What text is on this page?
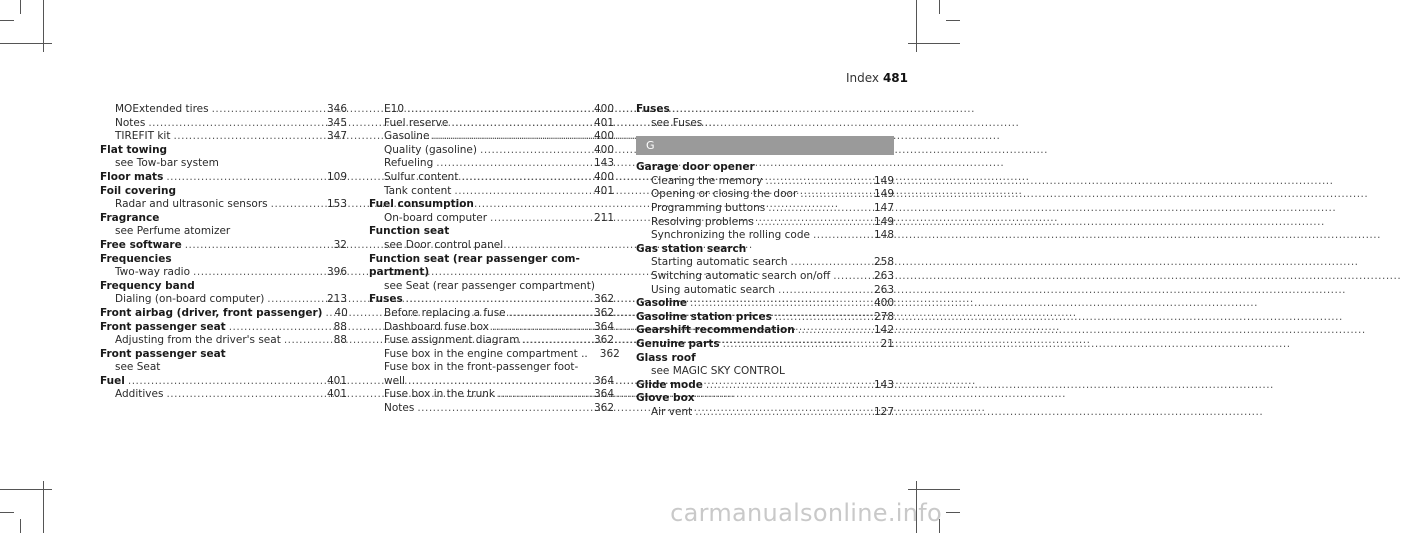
Index 481
MOExtended tires .....	346
Notes .....	345
TIREFIT kit .....	347
Flat towing
see Tow-bar system
Floor mats .....	109
Foil covering
Radar and ultrasonic sensors .....	153
Fragrance
see Perfume atomizer
Free software .....	32
Frequencies
Two-way radio .....	396
Frequency band
Dialing (on-board computer) .....	213
Front airbag (driver, front passenger) ..... 40
Front passenger seat .....	88
Adjusting from the driver's seat .....	88
Front passenger seat
see Seat
Fuel .....	401
Additives .....	401
E10 .....	400
Fuel reserve .....	401
Gasoline .....	400
Quality (gasoline) .....	400
Refueling .....	143
Sulfur content .....	400
Tank content .....	401
Fuel consumption
On-board computer .....	211
Function seat
see Door control panel
Function seat (rear passenger com-
partment)
see Seat (rear passenger compartment)
Fuses .....	362
Before replacing a fuse .....	362
Dashboard fuse box .....	364
Fuse assignment diagram .....	362
Fuse box in the engine compartment .. 362
Fuse box in the front-passenger foot-
well .....	364
Fuse box in the trunk .....	364
Notes .....	362
Fuses
see Fuses
G
Garage door opener
Clearing the memory .....	149
Opening or closing the door .....	149
Programming buttons .....	147
Resolving problems .....	149
Synchronizing the rolling code .....	148
Gas station search
Starting automatic search .....	258
Switching automatic search on/off .....	263
Using automatic search .....	263
Gasoline .....	400
Gasoline station prices .....	278
Gearshift recommendation .....	142
Genuine parts .....	21
Glass roof
see MAGIC SKY CONTROL
Glide mode .....	143
Glove box
Air vent .....	127
carmanualsonline.info
